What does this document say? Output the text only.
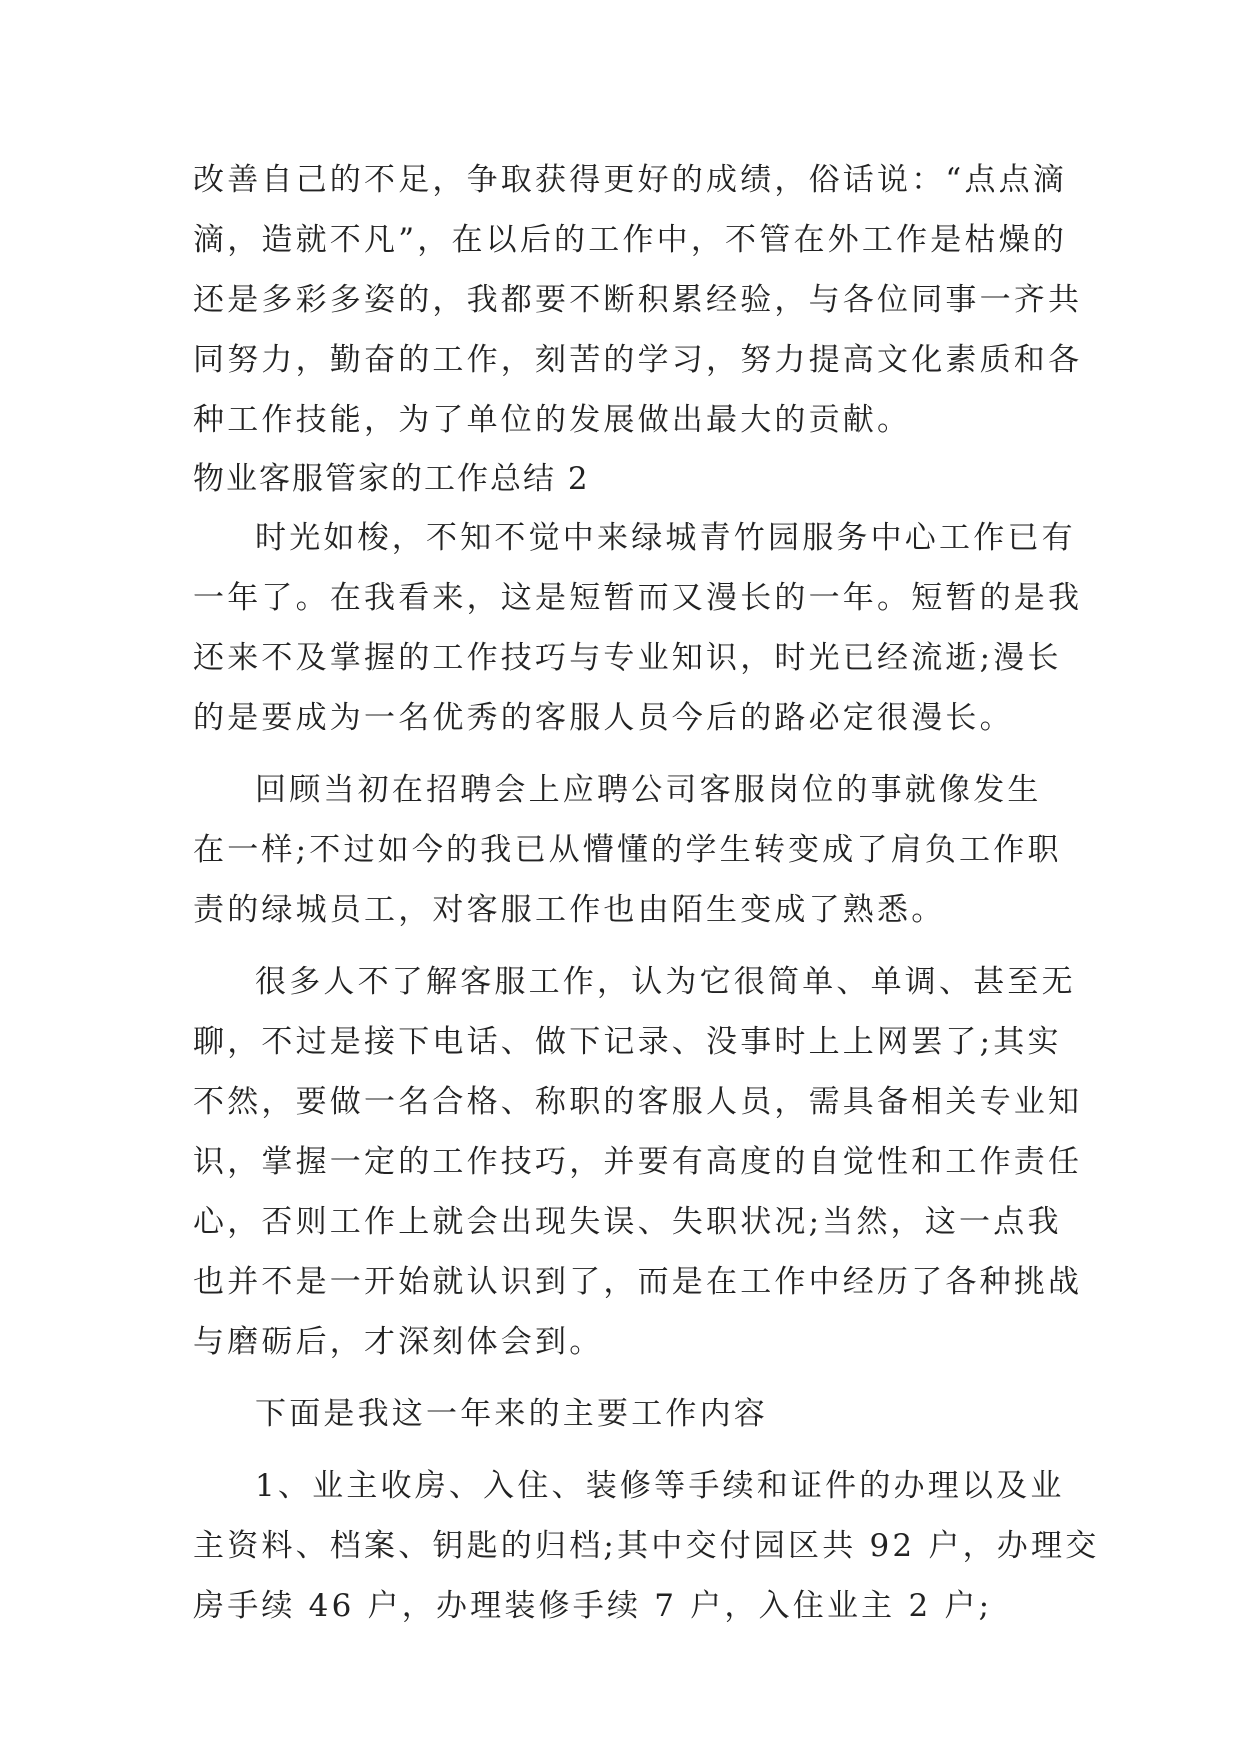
改善自己的不足，争取获得更好的成绩，俗话说：“点点滴
滴，造就不凡”，在以后的工作中，不管在外工作是枯燥的
还是多彩多姿的，我都要不断积累经验，与各位同事一齐共
同努力，勤奋的工作，刻苦的学习，努力提高文化素质和各
种工作技能，为了单位的发展做出最大的贡献。
物业客服管家的工作总结 2
时光如梭，不知不觉中来绿城青竹园服务中心工作已有
一年了。在我看来，这是短暂而又漫长的一年。短暂的是我
还来不及掌握的工作技巧与专业知识，时光已经流逝;漫长
的是要成为一名优秀的客服人员今后的路必定很漫长。
回顾当初在招聘会上应聘公司客服岗位的事就像发生
在一样;不过如今的我已从懵懂的学生转变成了肩负工作职
责的绿城员工，对客服工作也由陌生变成了熟悉。
很多人不了解客服工作，认为它很简单、单调、甚至无
聊，不过是接下电话、做下记录、没事时上上网罢了;其实
不然，要做一名合格、称职的客服人员，需具备相关专业知
识，掌握一定的工作技巧，并要有高度的自觉性和工作责任
心，否则工作上就会出现失误、失职状况;当然，这一点我
也并不是一开始就认识到了，而是在工作中经历了各种挑战
与磨砺后，才深刻体会到。
下面是我这一年来的主要工作内容
1、业主收房、入住、装修等手续和证件的办理以及业
主资料、档案、钥匙的归档;其中交付园区共 92 户，办理交
房手续 46 户，办理装修手续 7 户，入住业主 2 户;
